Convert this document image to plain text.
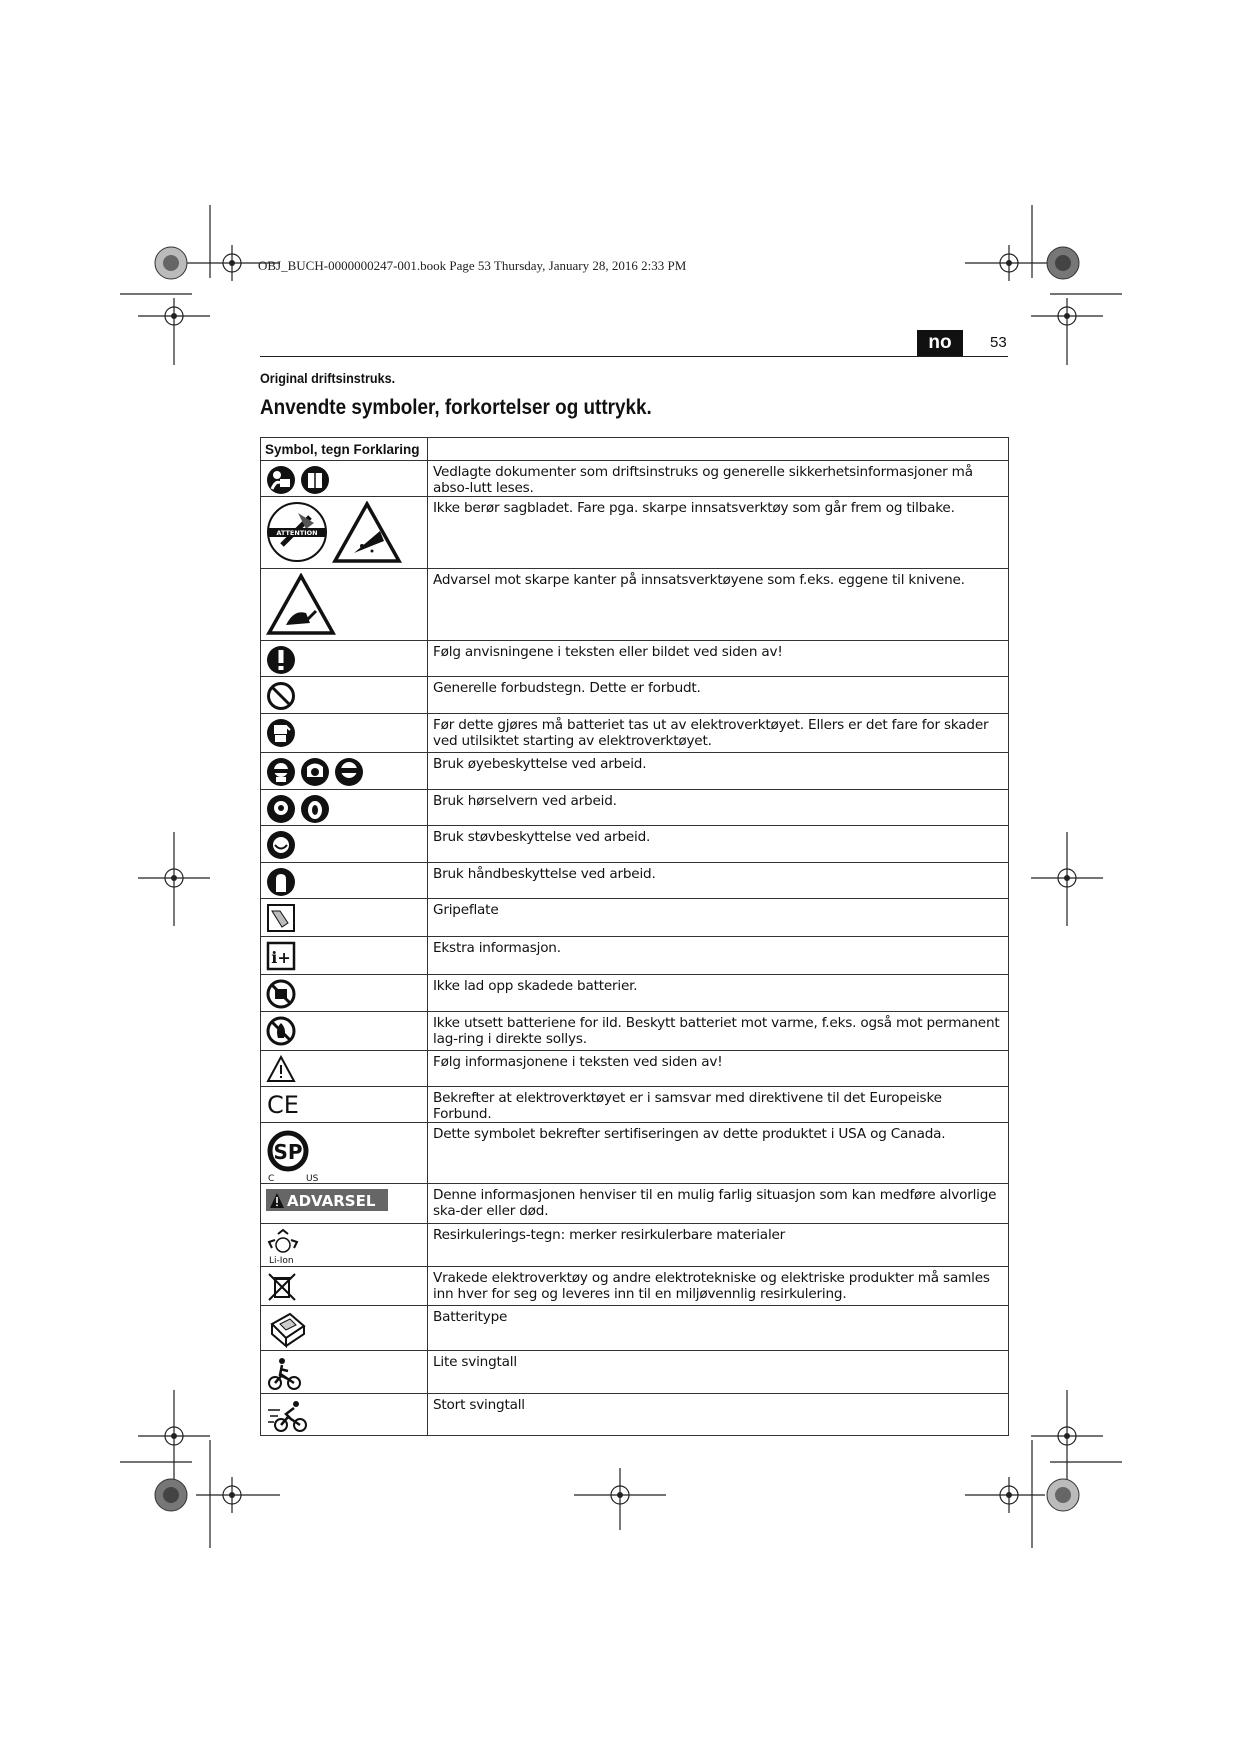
OBJ_BUCH-0000000247-001.book Page 53 Thursday, January 28, 2016 2:33 PM
no	53
Original driftsinstruks.
Anvendte symboler, forkortelser og uttrykk.
Symbol, tegn Forklaring	

	Vedlagte dokumenter som driftsinstruks og generelle sikkerhetsinformasjoner må abso-lutt leses.

ATTENTION	Ikke berør sagbladet. Fare pga. skarpe innsatsverktøy som går frem og tilbake.

	Advarsel mot skarpe kanter på innsatsverktøyene som f.eks. eggene til knivene.

	Følg anvisningene i teksten eller bildet ved siden av!

	Generelle forbudstegn. Dette er forbudt.

	Før dette gjøres må batteriet tas ut av elektroverktøyet. Ellers er det fare for skader ved utilsiktet starting av elektroverktøyet.

	Bruk øyebeskyttelse ved arbeid.

	Bruk hørselvern ved arbeid.

	Bruk støvbeskyttelse ved arbeid.

	Bruk håndbeskyttelse ved arbeid.

	Gripeflate

i+	Ekstra informasjon.

	Ikke lad opp skadede batterier.

	Ikke utsett batteriene for ild. Beskytt batteriet mot varme, f.eks. også mot permanent lag-ring i direkte sollys.

	Følg informasjonene i teksten ved siden av!

CE	Bekrefter at elektroverktøyet er i samsvar med direktivene til det Europeiske Forbund.

SP
C US	Dette symbolet bekrefter sertifiseringen av dette produktet i USA og Canada.

ADVARSEL	Denne informasjonen henviser til en mulig farlig situasjon som kan medføre alvorlige ska-der eller død.

Li-Ion	Resirkulerings-tegn: merker resirkulerbare materialer

	Vrakede elektroverktøy og andre elektrotekniske og elektriske produkter må samles inn hver for seg og leveres inn til en miljøvennlig resirkulering.

	Batteritype

	Lite svingtall

	Stort svingtall
